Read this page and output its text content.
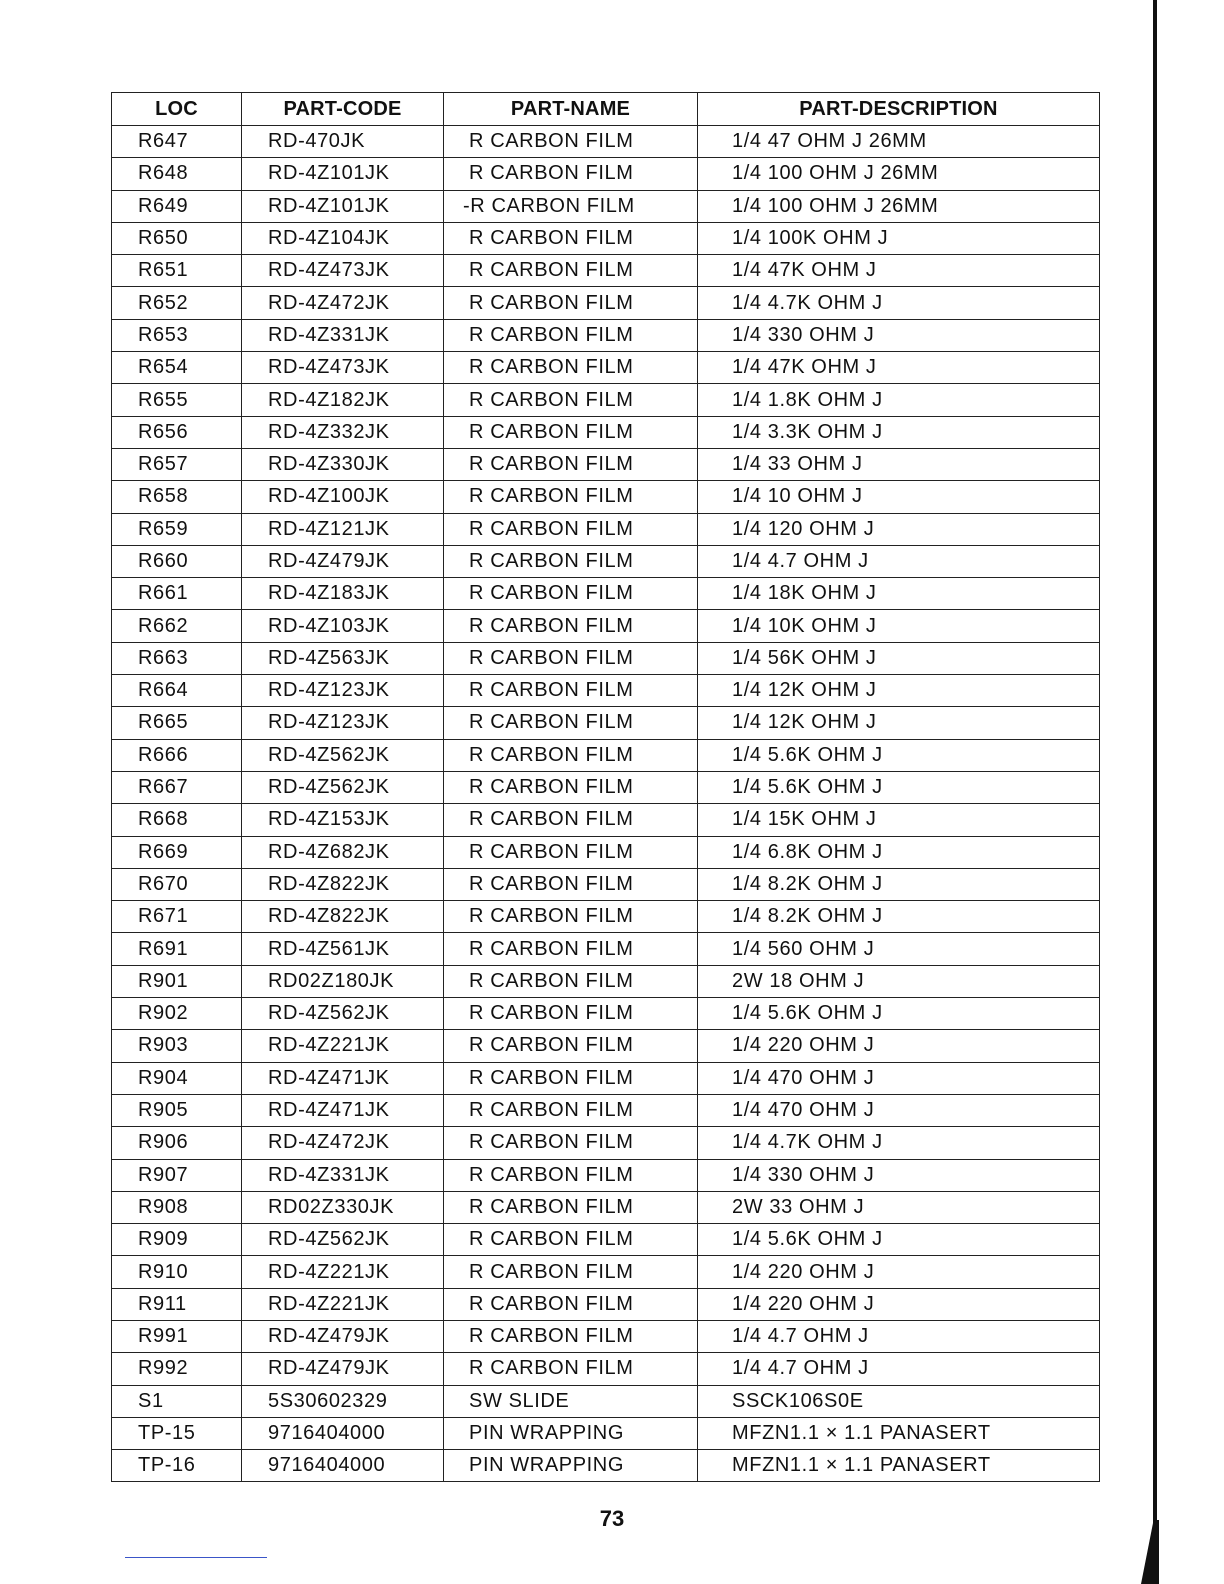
LOC	PART-CODE	PART-NAME	PART-DESCRIPTION
R647	RD-470JK	R CARBON FILM	1/4 47 OHM J 26MM
R648	RD-4Z101JK	R CARBON FILM	1/4 100 OHM J 26MM
R649	RD-4Z101JK	-R CARBON FILM	1/4 100 OHM J 26MM
R650	RD-4Z104JK	R CARBON FILM	1/4 100K OHM J
R651	RD-4Z473JK	R CARBON FILM	1/4 47K OHM J
R652	RD-4Z472JK	R CARBON FILM	1/4 4.7K OHM J
R653	RD-4Z331JK	R CARBON FILM	1/4 330 OHM J
R654	RD-4Z473JK	R CARBON FILM	1/4 47K OHM J
R655	RD-4Z182JK	R CARBON FILM	1/4 1.8K OHM J
R656	RD-4Z332JK	R CARBON FILM	1/4 3.3K OHM J
R657	RD-4Z330JK	R CARBON FILM	1/4 33 OHM J
R658	RD-4Z100JK	R CARBON FILM	1/4 10 OHM J
R659	RD-4Z121JK	R CARBON FILM	1/4 120 OHM J
R660	RD-4Z479JK	R CARBON FILM	1/4 4.7 OHM J
R661	RD-4Z183JK	R CARBON FILM	1/4 18K OHM J
R662	RD-4Z103JK	R CARBON FILM	1/4 10K OHM J
R663	RD-4Z563JK	R CARBON FILM	1/4 56K OHM J
R664	RD-4Z123JK	R CARBON FILM	1/4 12K OHM J
R665	RD-4Z123JK	R CARBON FILM	1/4 12K OHM J
R666	RD-4Z562JK	R CARBON FILM	1/4 5.6K OHM J
R667	RD-4Z562JK	R CARBON FILM	1/4 5.6K OHM J
R668	RD-4Z153JK	R CARBON FILM	1/4 15K OHM J
R669	RD-4Z682JK	R CARBON FILM	1/4 6.8K OHM J
R670	RD-4Z822JK	R CARBON FILM	1/4 8.2K OHM J
R671	RD-4Z822JK	R CARBON FILM	1/4 8.2K OHM J
R691	RD-4Z561JK	R CARBON FILM	1/4 560 OHM J
R901	RD02Z180JK	R CARBON FILM	2W 18 OHM J
R902	RD-4Z562JK	R CARBON FILM	1/4 5.6K OHM J
R903	RD-4Z221JK	R CARBON FILM	1/4 220 OHM J
R904	RD-4Z471JK	R CARBON FILM	1/4 470 OHM J
R905	RD-4Z471JK	R CARBON FILM	1/4 470 OHM J
R906	RD-4Z472JK	R CARBON FILM	1/4 4.7K OHM J
R907	RD-4Z331JK	R CARBON FILM	1/4 330 OHM J
R908	RD02Z330JK	R CARBON FILM	2W 33 OHM J
R909	RD-4Z562JK	R CARBON FILM	1/4 5.6K OHM J
R910	RD-4Z221JK	R CARBON FILM	1/4 220 OHM J
R911	RD-4Z221JK	R CARBON FILM	1/4 220 OHM J
R991	RD-4Z479JK	R CARBON FILM	1/4 4.7 OHM J
R992	RD-4Z479JK	R CARBON FILM	1/4 4.7 OHM J
S1	5S30602329	SW SLIDE	SSCK106S0E
TP-15	9716404000	PIN WRAPPING	MFZN1.1 × 1.1 PANASERT
TP-16	9716404000	PIN WRAPPING	MFZN1.1 × 1.1 PANASERT
73
